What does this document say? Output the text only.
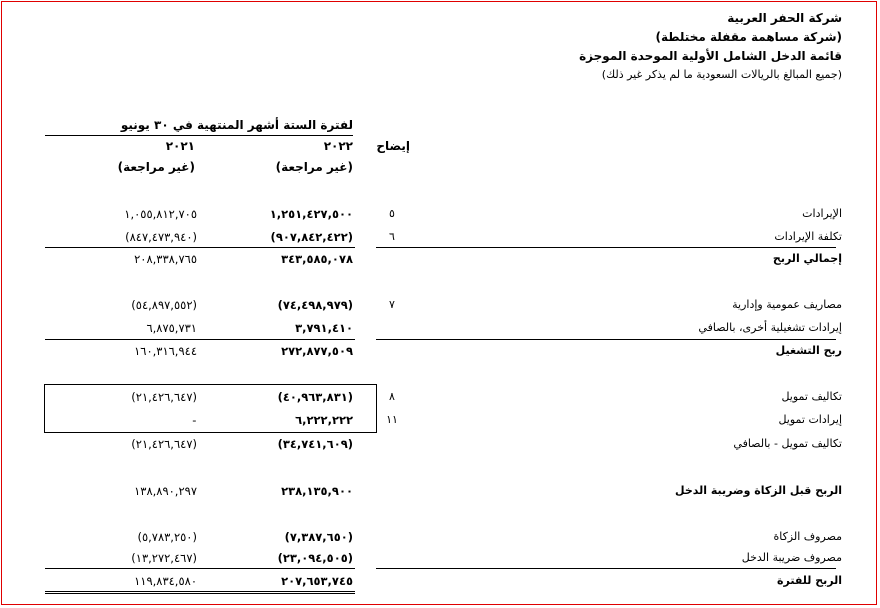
شركة الحفر العربية
(شركة مساهمة مقفلة مختلطة)
قائمة الدخل الشامل الأولية الموحدة الموجزة
(جميع المبالغ بالريالات السعودية ما لم يذكر غير ذلك)
لفترة الستة أشهر المنتهية في ٣٠ يونيو
إيضاح
٢٠٢٢
٢٠٢١
(غير مراجعة)
(غير مراجعة)
الإيرادات
٥
١,٢٥١,٤٢٧,٥٠٠
١,٠٥٥,٨١٢,٧٠٥
تكلفة الإيرادات
٦
(٩٠٧,٨٤٢,٤٢٢)
(٨٤٧,٤٧٣,٩٤٠)
إجمالي الربح
٣٤٣,٥٨٥,٠٧٨
٢٠٨,٣٣٨,٧٦٥
مصاريف عمومية وإدارية
٧
(٧٤,٤٩٨,٩٧٩)
(٥٤,٨٩٧,٥٥٢)
إيرادات تشغيلية أخرى، بالصافي
٣,٧٩١,٤١٠
٦,٨٧٥,٧٣١
ربح التشغيل
٢٧٢,٨٧٧,٥٠٩
١٦٠,٣١٦,٩٤٤
تكاليف تمويل
٨
(٤٠,٩٦٣,٨٣١)
(٢١,٤٢٦,٦٤٧)
إيرادات تمويل
١١
٦,٢٢٢,٢٢٢
-
تكاليف تمويل - بالصافي
(٣٤,٧٤١,٦٠٩)
(٢١,٤٢٦,٦٤٧)
الربح قبل الزكاة وضريبة الدخل
٢٣٨,١٣٥,٩٠٠
١٣٨,٨٩٠,٢٩٧
مصروف الزكاة
(٧,٣٨٧,٦٥٠)
(٥,٧٨٣,٢٥٠)
مصروف ضريبة الدخل
(٢٣,٠٩٤,٥٠٥)
(١٣,٢٧٢,٤٦٧)
الربح للفترة
٢٠٧,٦٥٣,٧٤٥
١١٩,٨٣٤,٥٨٠
